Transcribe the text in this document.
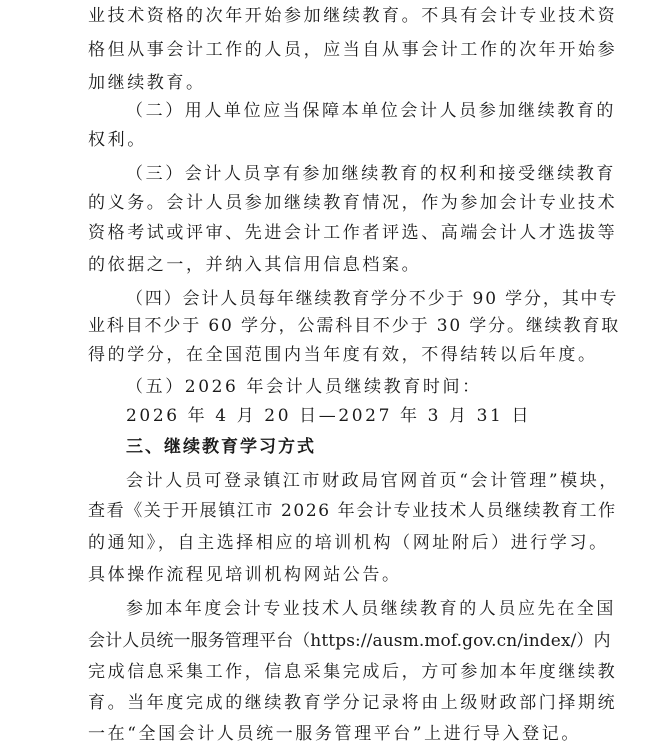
业技术资格的次年开始参加继续教育。不具有会计专业技术资
格但从事会计工作的人员，应当自从事会计工作的次年开始参
加继续教育。
（二）用人单位应当保障本单位会计人员参加继续教育的
权利。
（三）会计人员享有参加继续教育的权利和接受继续教育
的义务。会计人员参加继续教育情况，作为参加会计专业技术
资格考试或评审、先进会计工作者评选、高端会计人才选拔等
的依据之一，并纳入其信用信息档案。
（四）会计人员每年继续教育学分不少于 90 学分，其中专
业科目不少于 60 学分，公需科目不少于 30 学分。继续教育取
得的学分，在全国范围内当年度有效，不得结转以后年度。
（五）2026 年会计人员继续教育时间：
2026 年 4 月 20 日—2027 年 3 月 31 日
三、继续教育学习方式
会计人员可登录镇江市财政局官网首页“会计管理”模块，
查看《关于开展镇江市 2026 年会计专业技术人员继续教育工作
的通知》，自主选择相应的培训机构（网址附后）进行学习。
具体操作流程见培训机构网站公告。
参加本年度会计专业技术人员继续教育的人员应先在全国
会计人员统一服务管理平台（https://ausm.mof.gov.cn/index/）内
完成信息采集工作，信息采集完成后，方可参加本年度继续教
育。当年度完成的继续教育学分记录将由上级财政部门择期统
一在“全国会计人员统一服务管理平台”上进行导入登记。
